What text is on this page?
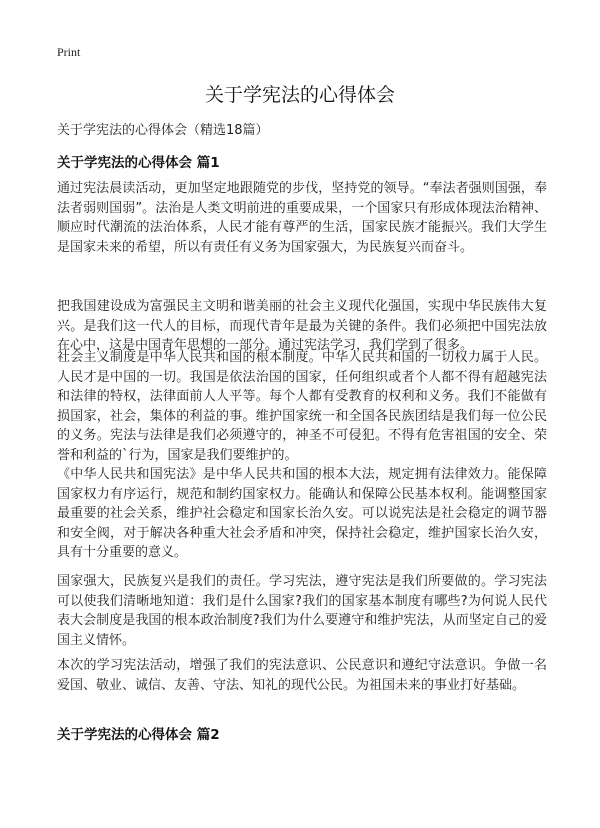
Print
关于学宪法的心得体会
关于学宪法的心得体会（精选18篇）
关于学宪法的心得体会 篇1

通过宪法晨读活动，更加坚定地跟随党的步伐，坚持党的领导。“奉法者强则国强，奉法者弱则国弱”。法治是人类文明前进的重要成果，一个国家只有形成体现法治精神、顺应时代潮流的法治体系，人民才能有尊严的生活，国家民族才能振兴。我们大学生是国家未来的希望，所以有责任有义务为国家强大，为民族复兴而奋斗。

把我国建设成为富强民主文明和谐美丽的社会主义现代化强国，实现中华民族伟大复兴。是我们这一代人的目标，而现代青年是最为关键的条件。我们必须把中国宪法放在心中，这是中国青年思想的一部分。通过宪法学习，我们学到了很多。

社会主义制度是中华人民共和国的根本制度。中华人民共和国的一切权力属于人民。人民才是中国的一切。我国是依法治国的国家，任何组织或者个人都不得有超越宪法和法律的特权，法律面前人人平等。每个人都有受教育的权利和义务。我们不能做有损国家，社会，集体的利益的事。维护国家统一和全国各民族团结是我们每一位公民的义务。宪法与法律是我们必须遵守的，神圣不可侵犯。不得有危害祖国的安全、荣誉和利益的`行为，国家是我们要维护的。

《中华人民共和国宪法》是中华人民共和国的根本大法，规定拥有法律效力。能保障国家权力有序运行，规范和制约国家权力。能确认和保障公民基本权利。能调整国家最重要的社会关系，维护社会稳定和国家长治久安。可以说宪法是社会稳定的调节器和安全阀，对于解决各种重大社会矛盾和冲突，保持社会稳定，维护国家长治久安，具有十分重要的意义。

国家强大，民族复兴是我们的责任。学习宪法，遵守宪法是我们所要做的。学习宪法可以使我们清晰地知道：我们是什么国家?我们的国家基本制度有哪些?为何说人民代表大会制度是我国的根本政治制度?我们为什么要遵守和维护宪法，从而坚定自己的爱国主义情怀。

本次的学习宪法活动，增强了我们的宪法意识、公民意识和遵纪守法意识。争做一名爱国、敬业、诚信、友善、守法、知礼的现代公民。为祖国未来的事业打好基础。

关于学宪法的心得体会 篇2
